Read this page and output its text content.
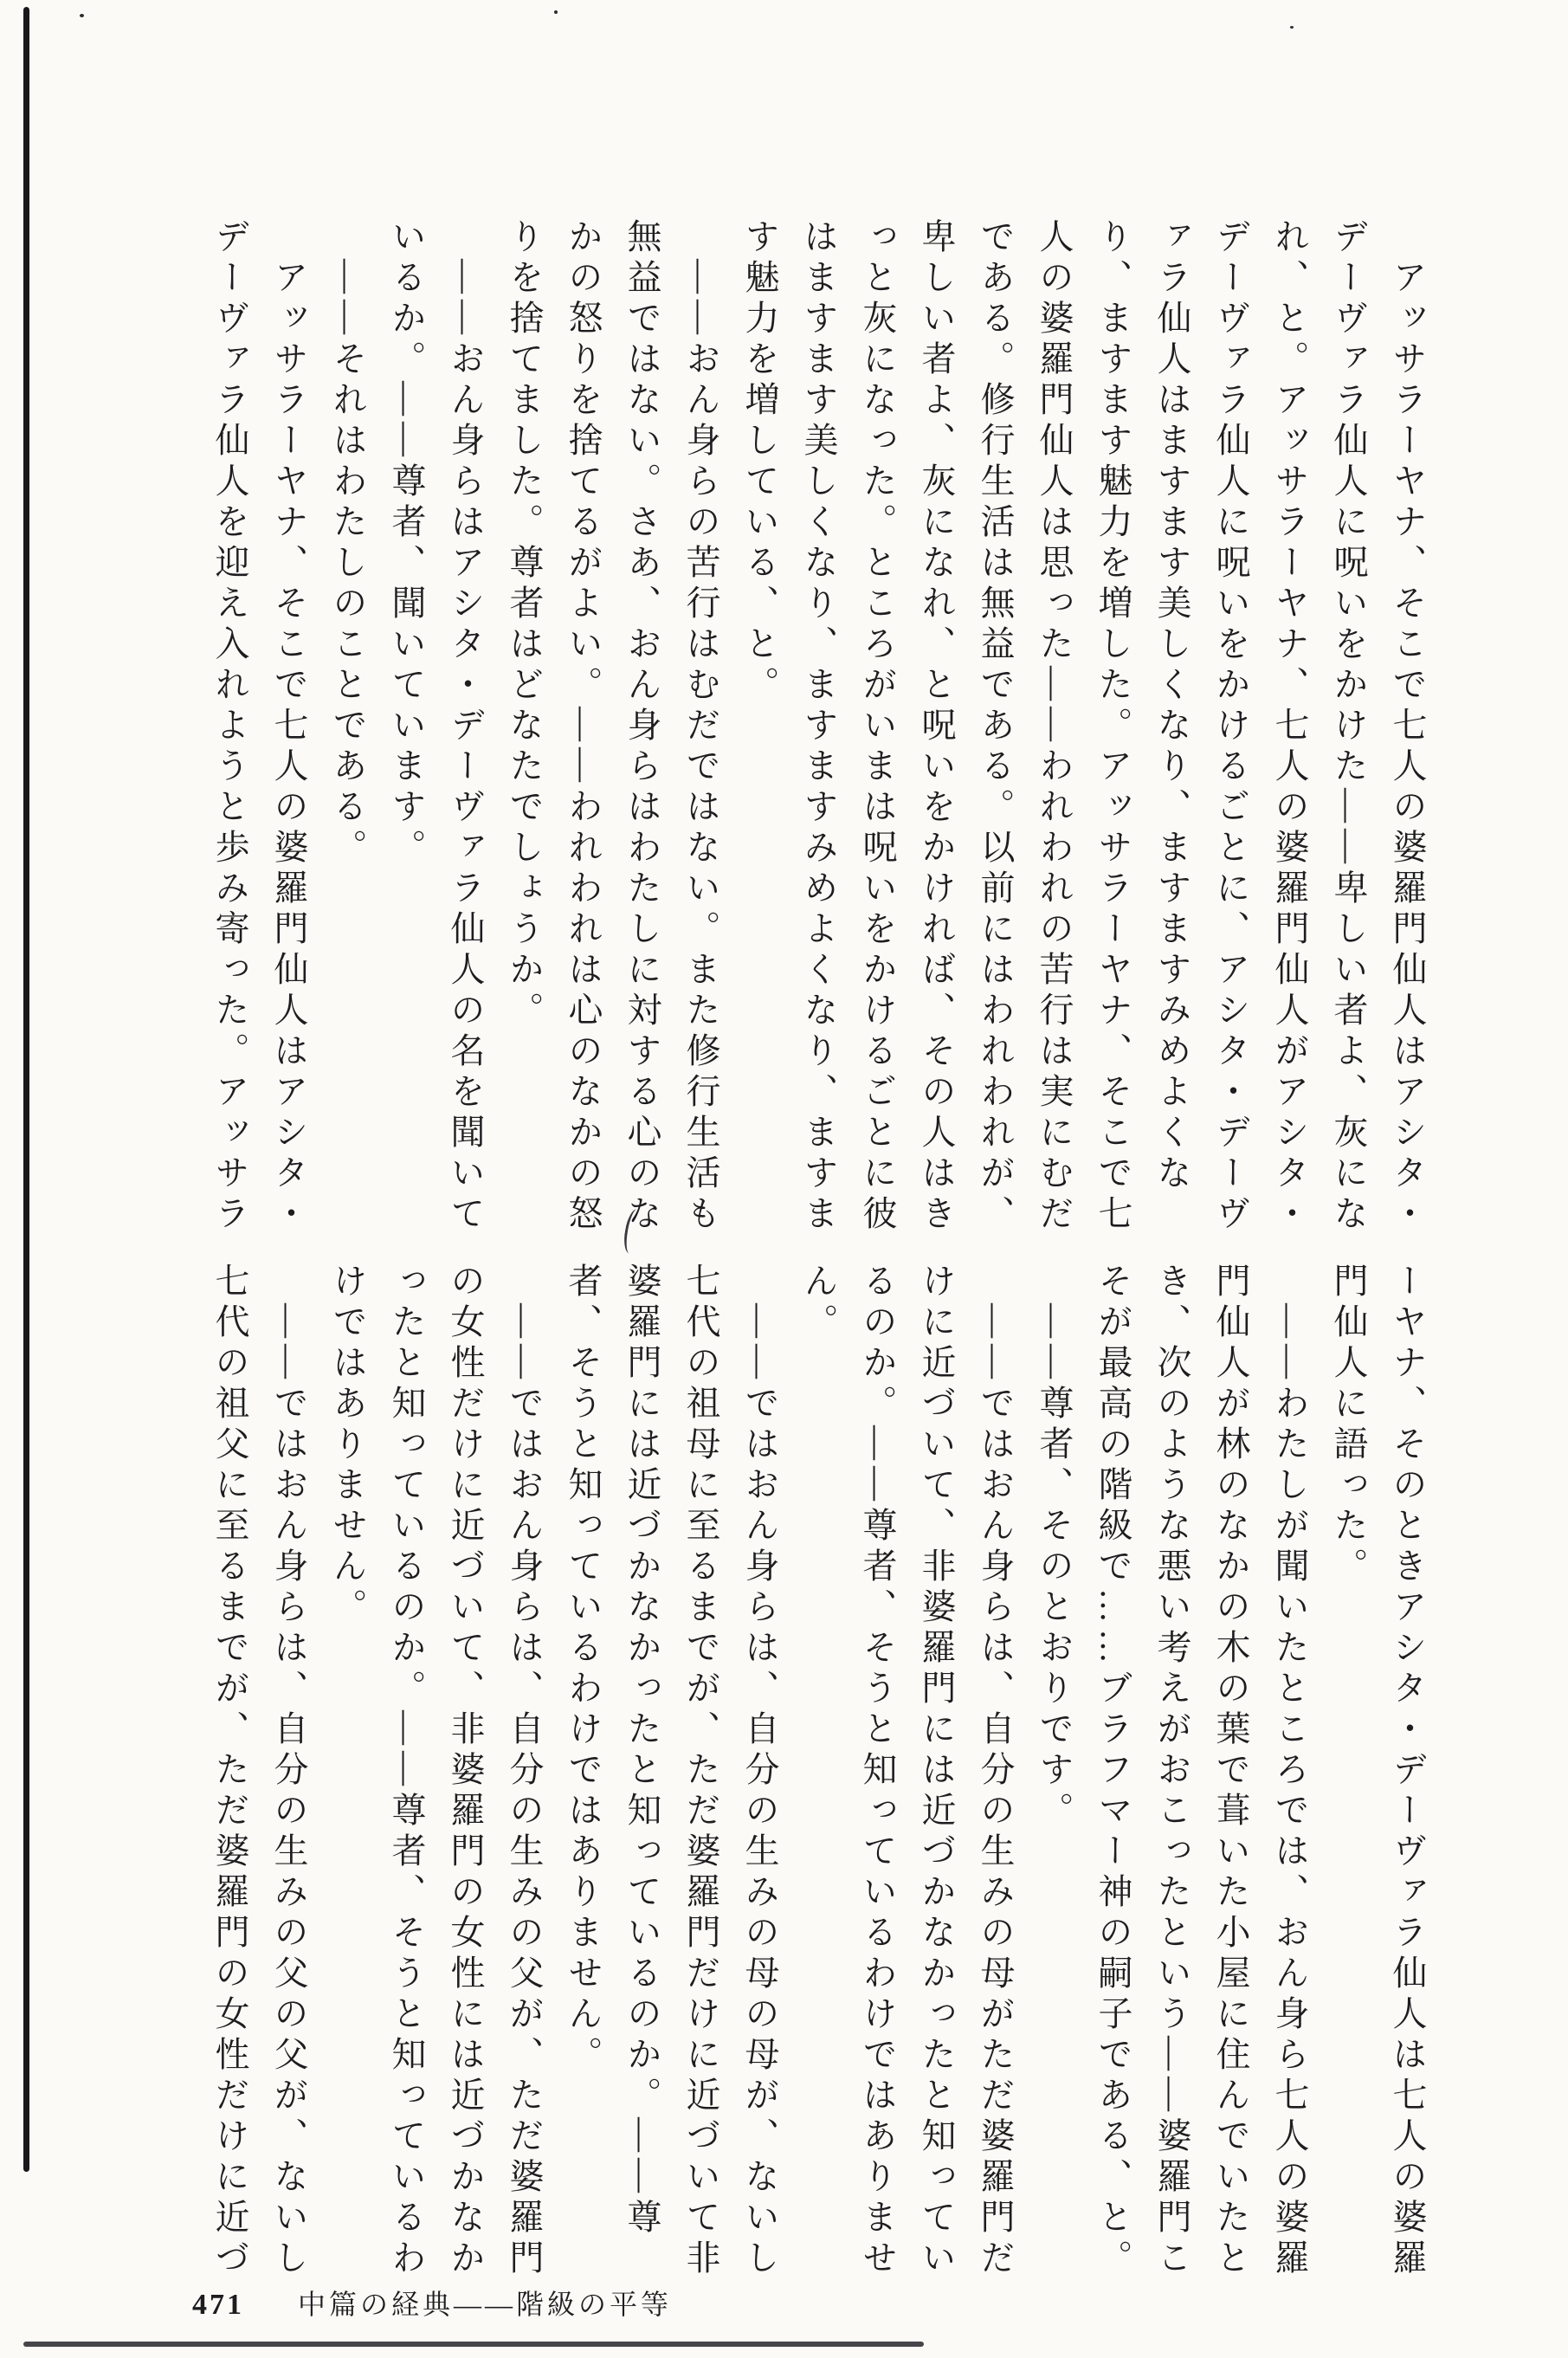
アッサラーヤナ、そこで七人の婆羅門仙人はアシタ・デーヴァラ仙人に呪いをかけた——卑しい者よ、灰になれ、と。アッサラーヤナ、七人の婆羅門仙人がアシタ・デーヴァラ仙人に呪いをかけるごとに、アシタ・デーヴァラ仙人はますます美しくなり、ますますみめよくなり、ますます魅力を増した。アッサラーヤナ、そこで七人の婆羅門仙人は思った——われわれの苦行は実にむだである。修行生活は無益である。以前にはわれわれが、卑しい者よ、灰になれ、と呪いをかければ、その人はきっと灰になった。ところがいまは呪いをかけるごとに彼はますます美しくなり、ますますみめよくなり、ますます魅力を増している、と。

——おん身らの苦行はむだではない。また修行生活も無益ではない。さあ、おん身らはわたしに対する心のなかの怒りを捨てるがよい。——われわれは心のなかの怒りを捨てました。尊者はどなたでしょうか。

——おん身らはアシタ・デーヴァラ仙人の名を聞いているか。——尊者、聞いています。

——それはわたしのことである。

アッサラーヤナ、そこで七人の婆羅門仙人はアシタ・デーヴァラ仙人を迎え入れようと歩み寄った。アッサラ

ーヤナ、そのときアシタ・デーヴァラ仙人は七人の婆羅門仙人に語った。

——わたしが聞いたところでは、おん身ら七人の婆羅門仙人が林のなかの木の葉で葺いた小屋に住んでいたとき、次のような悪い考えがおこったという——婆羅門こそが最高の階級で……ブラフマー神の嗣子である、と。

——尊者、そのとおりです。

——ではおん身らは、自分の生みの母がただ婆羅門だけに近づいて、非婆羅門には近づかなかったと知っているのか。——尊者、そうと知っているわけではありません。

——ではおん身らは、自分の生みの母の母が、ないし七代の祖母に至るまでが、ただ婆羅門だけに近づいて非婆羅門には近づかなかったと知っているのか。——尊者、そうと知っているわけではありません。

——ではおん身らは、自分の生みの父が、ただ婆羅門の女性だけに近づいて、非婆羅門の女性には近づかなかったと知っているのか。——尊者、そうと知っているわけではありません。

——ではおん身らは、自分の生みの父の父が、ないし七代の祖父に至るまでが、ただ婆羅門の女性だけに近づ

471 中篇の経典——階級の平等
